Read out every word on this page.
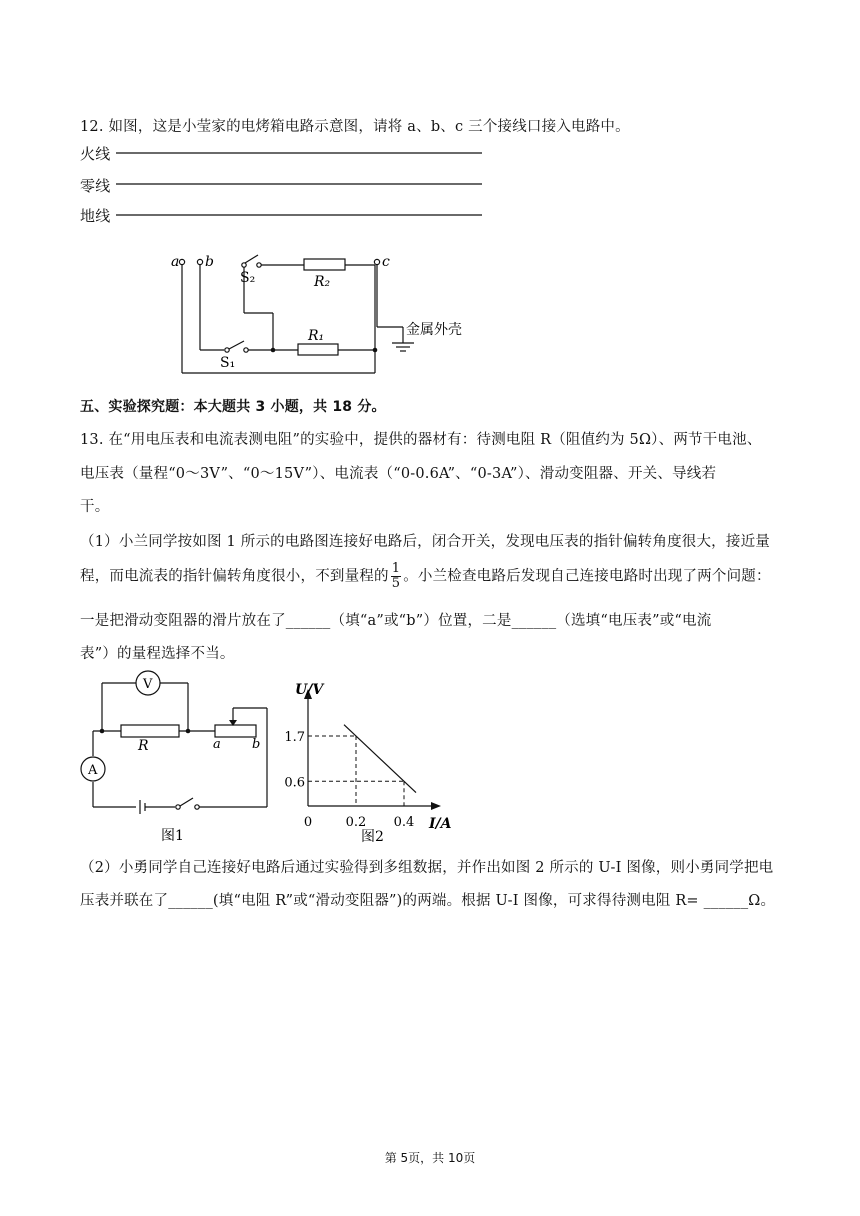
12. 如图，这是小莹家的电烤箱电路示意图，请将 a、b、c 三个接线口接入电路中。
火线
零线
地线
a b	c
S₂	R₂
R₁
S₁
金属外壳
五、实验探究题：本大题共 3 小题，共 18 分。
13. 在“用电压表和电流表测电阻”的实验中，提供的器材有：待测电阻 R（阻值约为 5Ω）、两节干电池、
电压表（量程“0～3V”、“0～15V”）、电流表（“0-0.6A”、“0-3A”）、滑动变阻器、开关、导线若
干。
（1）小兰同学按如图 1 所示的电路图连接好电路后，闭合开关，发现电压表的指针偏转角度很大，接近量
程，而电流表的指针偏转角度很小，不到量程的 $\frac{1}{5}$ 。小兰检查电路后发现自己连接电路时出现了两个问题：
一是把滑动变阻器的滑片放在了______（填“a”或“b”）位置，二是______（选填“电压表”或“电流
表”）的量程选择不当。
V
A
R	a b
图1
U/V
I/A
1.7
0.6
0	0.2 0.4
图2
（2）小勇同学自己连接好电路后通过实验得到多组数据，并作出如图 2 所示的 U-I 图像，则小勇同学把电
压表并联在了______(填“电阻 R”或“滑动变阻器”)的两端。根据 U-I 图像，可求得待测电阻 R= ______Ω。
第 5页，共 10页
